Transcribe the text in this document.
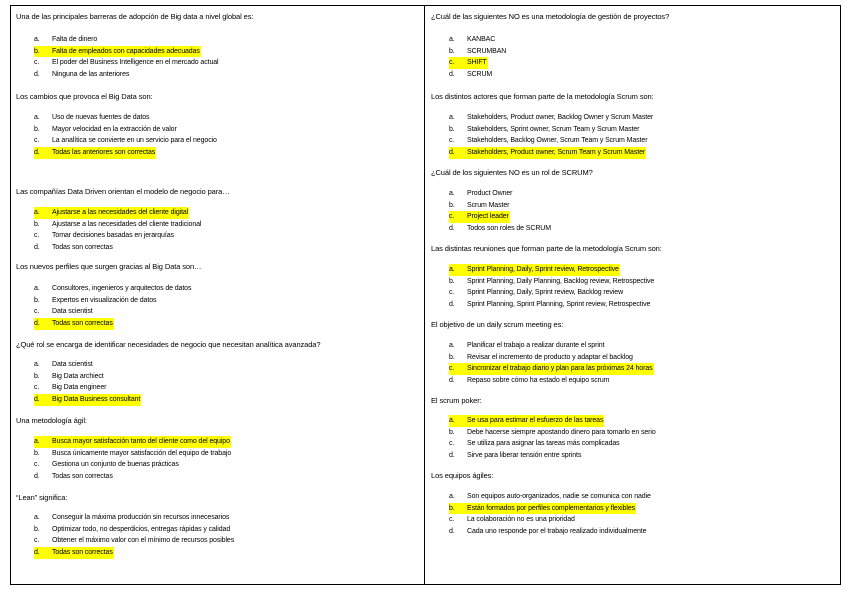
Una de las principales barreras de adopción de Big data a nivel global es:
a.	Falta de dinero
b.	Falta de empleados con capacidades adecuadas
c.	El poder del Business Intelligence en el mercado actual
d.	Ninguna de las anteriores
Los cambios que provoca el Big Data son:
a.	Uso de nuevas fuentes de datos
b.	Mayor velocidad en la extracción de valor
c.	La analítica se convierte en un servicio para el negocio
d.	Todas las anteriores son correctas
Las compañías Data Driven orientan el modelo de negocio para…
a.	Ajustarse a las necesidades del cliente digital
b.	Ajustarse a las necesidades del cliente tradicional
c.	Tomar decisiones basadas en jerarquías
d.	Todas son correctas
Los nuevos perfiles que surgen gracias al Big Data son…
a.	Consultores, ingenieros y arquitectos de datos
b.	Expertos en visualización de datos
c.	Data scientist
d.	Todas son correctas
¿Qué rol se encarga de identificar necesidades de negocio que necesitan analítica avanzada?
a.	Data scientist
b.	Big Data archiect
c.	Big Data engineer
d.	Big Data Business consultant
Una metodología ágil:
a.	Busca mayor satisfacción tanto del cliente como del equipo
b.	Busca únicamente mayor satisfacción del equipo de trabajo
c.	Gestiona un conjunto de buenas prácticas
d.	Todas son correctas
“Lean” significa:
a.	Conseguir la máxima producción sin recursos innecesarios
b.	Optimizar todo, no desperdicios, entregas rápidas y calidad
c.	Obtener el máximo valor con el mínimo de recursos posibles
d.	Todas son correctas
¿Cuál de las siguientes NO es una metodología de gestión de proyectos?
a.	KANBAC
b.	SCRUMBAN
c.	SHIFT
d.	SCRUM
Los distintos actores que forman parte de la metodología Scrum son:
a.	Stakeholders, Product owner, Backlog Owner y Scrum Master
b.	Stakeholders, Sprint owner, Scrum Team y Scrum Master
c.	Stakeholders, Backlog Owner, Scrum Team y Scrum Master
d.	Stakeholders, Product owner, Scrum Team y Scrum Master
¿Cuál de los siguientes NO es un rol de SCRUM?
a.	Product Owner
b.	Scrum Master
c.	Project leader
d.	Todos son roles de SCRUM
Las distintas reuniones que forman parte de la metodología Scrum son:
a.	Sprint Planning, Daily, Sprint review, Retrospective
b.	Sprint Planning, Daily Planning, Backlog review, Retrospective
c.	Sprint Planning, Daily, Sprint review, Backlog review
d.	Sprint Planning, Sprint Planning, Sprint review, Retrospective
El objetivo de un daily scrum meeting es:
a.	Planificar el trabajo a realizar durante el sprint
b.	Revisar el incremento de producto y adaptar el backlog
c.	Sincronizar el trabajo diario y plan para las próximas 24 horas
d.	Repaso sobre cómo ha estado el equipo scrum
El scrum poker:
a.	Se usa para estimar el esfuerzo de las tareas
b.	Debe hacerse siempre apostando dinero para tomarlo en serio
c.	Se utiliza para asignar las tareas más complicadas
d.	Sirve para liberar tensión entre sprints
Los equipos ágiles:
a.	Son equipos auto-organizados, nadie se comunica con nadie
b.	Están formados por perfiles complementarios y flexibles
c.	La colaboración no es una prioridad
d.	Cada uno responde por el trabajo realizado individualmente
